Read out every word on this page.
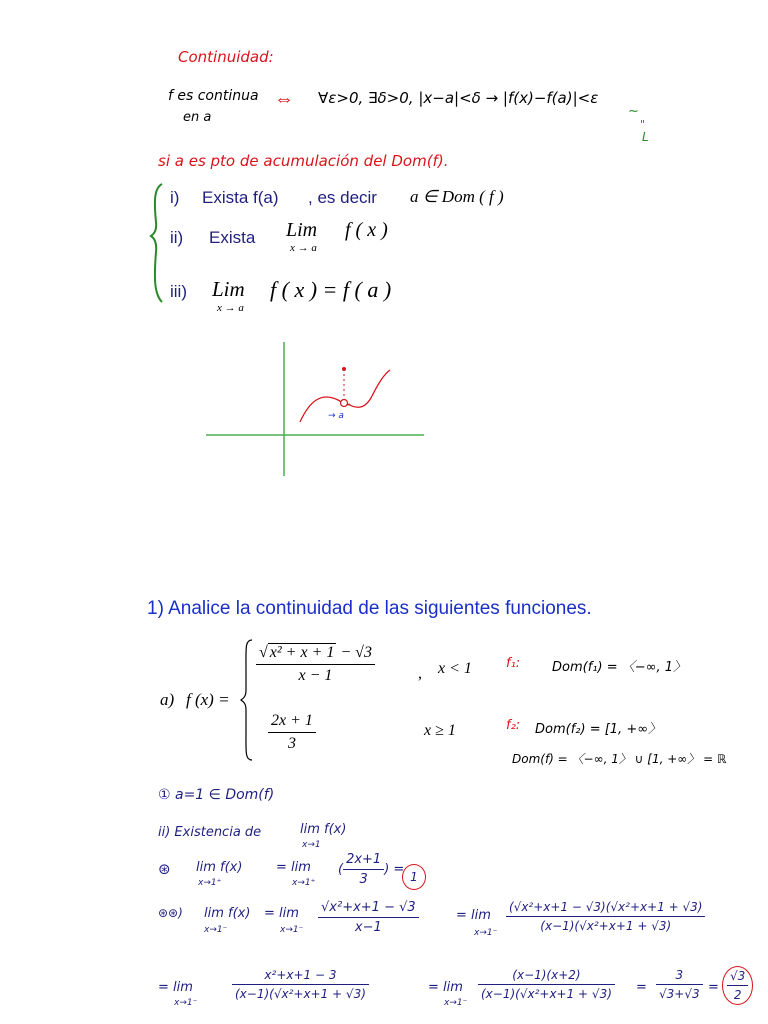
Continuidad:
f es continua
en a
⇔ ∀ε>0, ∃δ>0, |x−a|<δ → |f(x)−f(a)|<ε
~
"
L
si a es pto de acumulación del Dom(f).
i) Exista f(a) , es decir a ∈ Dom ( f )
ii) Exista Lim
x → a
f ( x )
iii) Lim
x → a
f ( x ) = f ( a )
→ a
1) Analice la continuidad de las siguientes funciones.
a) f (x) =
$\frac{\text{√ x² + x + 1 − √3}}{x - 1}$	, x < 1
$\frac{2x + 1}{3}$	x ≥ 1
f₁: Dom(f₁) = 〈−∞, 1〉
f₂: Dom(f₂) = [1, +∞〉
Dom(f) = 〈−∞, 1〉 ∪ [1, +∞〉 = ℝ
① a=1 ∈ Dom(f)
ii) Existencia de	lim f(x)
x→1
⊛ lim f(x)
x→1⁺
= lim
x→1⁺
( $\frac{2x+1}{3}$ ) = 1
⊛⊛) lim f(x)
x→1⁻
= lim
$x\to 1^- \frac{\text{√x²+x+1 − √3}}{x-1}$	= lim
$x\to 1^- \frac{\text{(√x²+x+1 − √3)(√x²+x+1 + √3)}}{\text{(x−1)(√x²+x+1 + √3)}}$
= lim
x→1⁻
$\frac{\text{x²+x+1 − 3}}{\text{(x−1)(√x²+x+1 + √3)}}$	= lim
x→1⁻
$\frac{(x-1)(x+2)}{\text{(x−1)(√x²+x+1 + √3)}} = \frac{3}{√3+√3} = \frac{√3}{2}$
